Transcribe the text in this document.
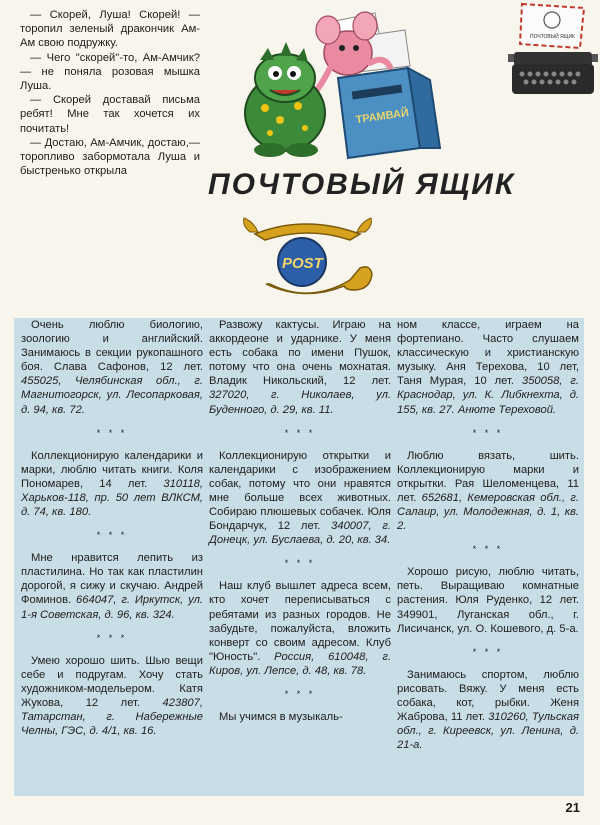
— Скорей, Луша! Скорей! — торопил зеленый дракончик Ам-Ам свою подружку.

— Чего "скорей"-то, Ам-Амчик? — не поняла розовая мышка Луша.

— Скорей доставай письма ребят! Мне так хочется их почитать!

— Достаю, Ам-Амчик, достаю,— торопливо забормотала Луша и быстренько открыла

ТРАМВАЙ
ПОЧТОВЫЙ ЯЩИК
ПОЧТОВЫЙ ЯЩИК
POST

Очень люблю биологию, зоологию и английский. Занимаюсь в секции рукопашного боя. Слава Сафонов, 12 лет. 455025, Челябинская обл., г. Магнитогорск, ул. Лесопарковая, д. 94, кв. 72.

* * *

Коллекционирую календарики и марки, люблю читать книги. Коля Пономарев, 14 лет. 310118, Харьков-118, пр. 50 лет ВЛКСМ, д. 74, кв. 180.

* * *

Мне нравится лепить из пластилина. Но так как пластилин дорогой, я сижу и скучаю. Андрей Фоминов. 664047, г. Иркутск, ул. 1-я Советская, д. 96, кв. 324.

* * *

Умею хорошо шить. Шью вещи себе и подругам. Хочу стать художником-модельером. Катя Жукова, 12 лет. 423807, Татарстан, г. Набережные Челны, ГЭС, д. 4/1, кв. 16.

Развожу кактусы. Играю на аккордеоне и ударнике. У меня есть собака по имени Пушок, потому что она очень мохнатая. Владик Никольский, 12 лет. 327020, г. Николаев, ул. Буденного, д. 29, кв. 11.

* * *

Коллекционирую открытки и календарики с изображением собак, потому что они нравятся мне больше всех животных. Собираю плюшевых собачек. Юля Бондарчук, 12 лет. 340007, г. Донецк, ул. Буслаева, д. 20, кв. 34.

* * *

Наш клуб вышлет адреса всем, кто хочет переписываться с ребятами из разных городов. Не забудьте, пожалуйста, вложить конверт со своим адресом. Клуб "Юность". Россия, 610048, г. Киров, ул. Лепсе, д. 48, кв. 78.

* * *

Мы учимся в музыкаль-

ном классе, играем на фортепиано. Часто слушаем классическую и христианскую музыку. Аня Терехова, 10 лет, Таня Мурая, 10 лет. 350058, г. Краснодар, ул. К. Либкнехта, д. 155, кв. 27. Анюте Тереховой.

* * *

Люблю вязать, шить. Коллекционирую марки и открытки. Рая Шеломенцева, 11 лет. 652681, Кемеровская обл., г. Салаир, ул. Молодежная, д. 1, кв. 2.

* * *

Хорошо рисую, люблю читать, петь. Выращиваю комнатные растения. Юля Руденко, 12 лет. 349901, Луганская обл., г. Лисичанск, ул. О. Кошевого, д. 5-а.

* * *

Занимаюсь спортом, люблю рисовать. Вяжу. У меня есть собака, кот, рыбки. Женя Жаброва, 11 лет. 310260, Тульская обл., г. Киреевск, ул. Ленина, д. 21-а.

21
